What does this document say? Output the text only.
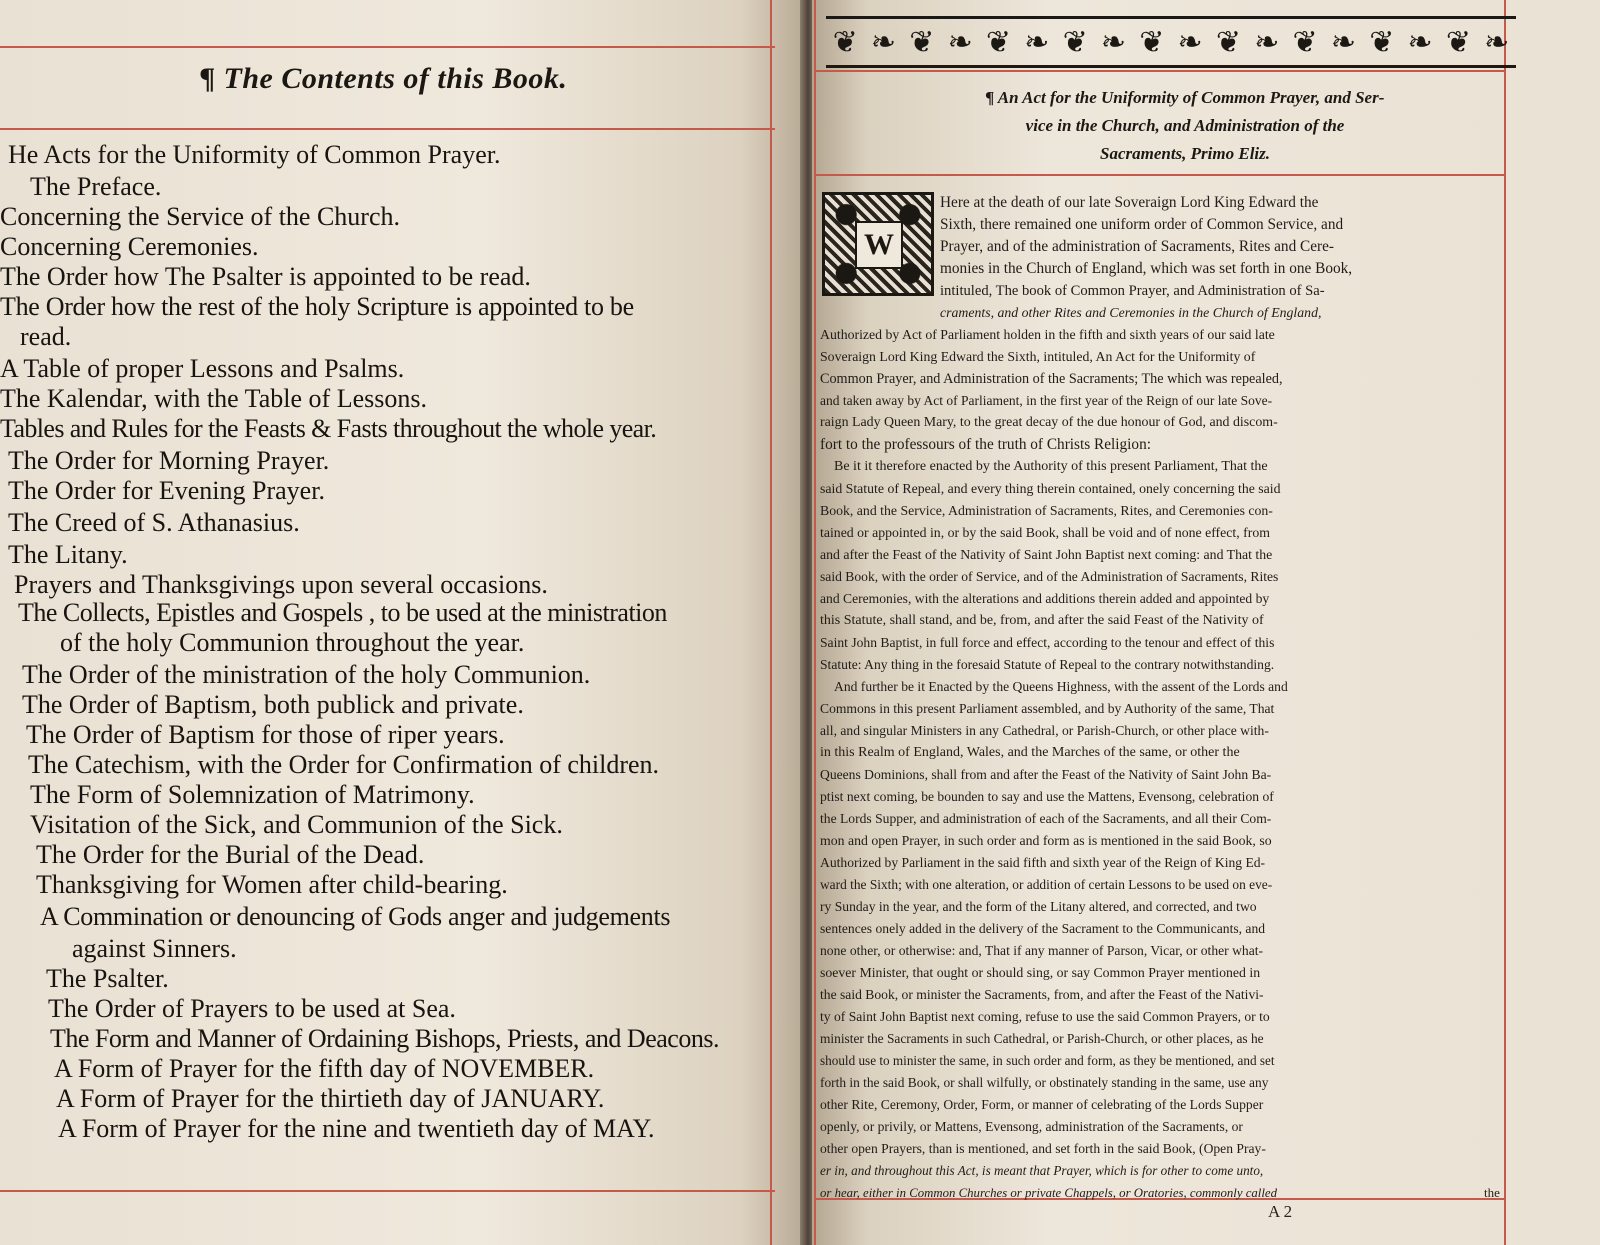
¶ The Contents of this Book.
He Acts for the Uniformity of Common Prayer.
The Preface.
Concerning the Service of the Church.
Concerning Ceremonies.
The Order how The Psalter is appointed to be read.
The Order how the rest of the holy Scripture is appointed to be
read.
A Table of proper Lessons and Psalms.
The Kalendar, with the Table of Lessons.
Tables and Rules for the Feasts & Fasts throughout the whole year.
The Order for Morning Prayer.
The Order for Evening Prayer.
The Creed of S. Athanasius.
The Litany.
Prayers and Thanksgivings upon several occasions.
The Collects, Epistles and Gospels , to be used at the ministration
of the holy Communion throughout the year.
The Order of the ministration of the holy Communion.
The Order of Baptism, both publick and private.
The Order of Baptism for those of riper years.
The Catechism, with the Order for Confirmation of children.
The Form of Solemnization of Matrimony.
Visitation of the Sick, and Communion of the Sick.
The Order for the Burial of the Dead.
Thanksgiving for Women after child-bearing.
A Commination or denouncing of Gods anger and judgements
against Sinners.
The Psalter.
The Order of Prayers to be used at Sea.
The Form and Manner of Ordaining Bishops, Priests, and Deacons.
A Form of Prayer for the fifth day of NOVEMBER.
A Form of Prayer for the thirtieth day of JANUARY.
A Form of Prayer for the nine and twentieth day of MAY.
❦ ❧ ❦ ❧ ❦ ❧ ❦ ❧ ❦ ❧ ❦ ❧ ❦ ❧ ❦ ❧ ❦ ❧
¶ An Act for the Uniformity of Common Prayer, and Ser-
vice in the Church, and Administration of the
Sacraments, Primo Eliz.
W
Here at the death of our late Soveraign Lord King Edward the
Sixth, there remained one uniform order of Common Service, and
Prayer, and of the administration of Sacraments, Rites and Cere-
monies in the Church of England, which was set forth in one Book,
intituled, The book of Common Prayer, and Administration of Sa-
craments, and other Rites and Ceremonies in the Church of England,
Authorized by Act of Parliament holden in the fifth and sixth years of our said late
Soveraign Lord King Edward the Sixth, intituled, An Act for the Uniformity of
Common Prayer, and Administration of the Sacraments; The which was repealed,
and taken away by Act of Parliament, in the first year of the Reign of our late Sove-
raign Lady Queen Mary, to the great decay of the due honour of God, and discom-
fort to the professours of the truth of Christs Religion:
Be it it therefore enacted by the Authority of this present Parliament, That the
said Statute of Repeal, and every thing therein contained, onely concerning the said
Book, and the Service, Administration of Sacraments, Rites, and Ceremonies con-
tained or appointed in, or by the said Book, shall be void and of none effect, from
and after the Feast of the Nativity of Saint John Baptist next coming: and That the
said Book, with the order of Service, and of the Administration of Sacraments, Rites
and Ceremonies, with the alterations and additions therein added and appointed by
this Statute, shall stand, and be, from, and after the said Feast of the Nativity of
Saint John Baptist, in full force and effect, according to the tenour and effect of this
Statute: Any thing in the foresaid Statute of Repeal to the contrary notwithstanding.
And further be it Enacted by the Queens Highness, with the assent of the Lords and
Commons in this present Parliament assembled, and by Authority of the same, That
all, and singular Ministers in any Cathedral, or Parish-Church, or other place with-
in this Realm of England, Wales, and the Marches of the same, or other the
Queens Dominions, shall from and after the Feast of the Nativity of Saint John Ba-
ptist next coming, be bounden to say and use the Mattens, Evensong, celebration of
the Lords Supper, and administration of each of the Sacraments, and all their Com-
mon and open Prayer, in such order and form as is mentioned in the said Book, so
Authorized by Parliament in the said fifth and sixth year of the Reign of King Ed-
ward the Sixth; with one alteration, or addition of certain Lessons to be used on eve-
ry Sunday in the year, and the form of the Litany altered, and corrected, and two
sentences onely added in the delivery of the Sacrament to the Communicants, and
none other, or otherwise: and, That if any manner of Parson, Vicar, or other what-
soever Minister, that ought or should sing, or say Common Prayer mentioned in
the said Book, or minister the Sacraments, from, and after the Feast of the Nativi-
ty of Saint John Baptist next coming, refuse to use the said Common Prayers, or to
minister the Sacraments in such Cathedral, or Parish-Church, or other places, as he
should use to minister the same, in such order and form, as they be mentioned, and set
forth in the said Book, or shall wilfully, or obstinately standing in the same, use any
other Rite, Ceremony, Order, Form, or manner of celebrating of the Lords Supper
openly, or privily, or Mattens, Evensong, administration of the Sacraments, or
other open Prayers, than is mentioned, and set forth in the said Book, (Open Pray-
er in, and throughout this Act, is meant that Prayer, which is for other to come unto,
or hear, either in Common Churches or private Chappels, or Oratories, commonly called	the
A 2
